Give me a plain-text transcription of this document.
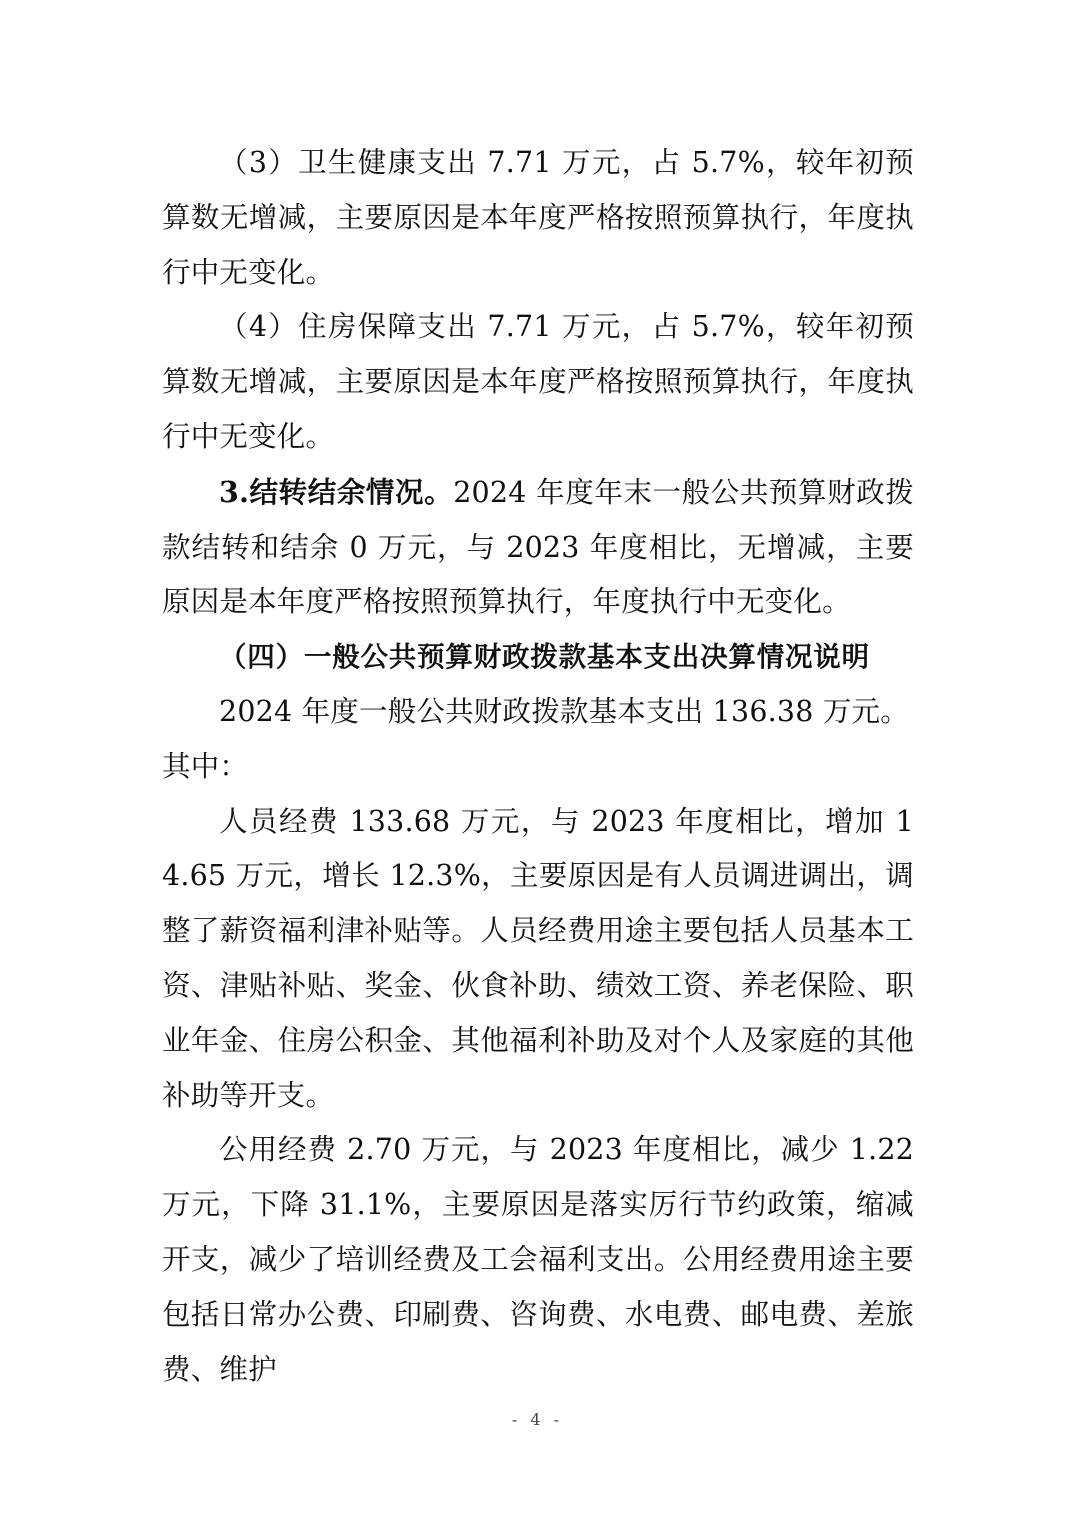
（3）卫生健康支出 7.71 万元，占 5.7%，较年初预算数无增减，主要原因是本年度严格按照预算执行，年度执行中无变化。

（4）住房保障支出 7.71 万元，占 5.7%，较年初预算数无增减，主要原因是本年度严格按照预算执行，年度执行中无变化。

3.结转结余情况。2024 年度年末一般公共预算财政拨款结转和结余 0 万元，与 2023 年度相比，无增减，主要原因是本年度严格按照预算执行，年度执行中无变化。

（四）一般公共预算财政拨款基本支出决算情况说明

2024 年度一般公共财政拨款基本支出 136.38 万元。

其中：

人员经费 133.68 万元，与 2023 年度相比，增加 14.65 万元，增长 12.3%，主要原因是有人员调进调出，调整了薪资福利津补贴等。人员经费用途主要包括人员基本工资、津贴补贴、奖金、伙食补助、绩效工资、养老保险、职业年金、住房公积金、其他福利补助及对个人及家庭的其他补助等开支。

公用经费 2.70 万元，与 2023 年度相比，减少 1.22 万元，下降 31.1%，主要原因是落实厉行节约政策，缩减开支，减少了培训经费及工会福利支出。公用经费用途主要包括日常办公费、印刷费、咨询费、水电费、邮电费、差旅费、维护

- 4 -
